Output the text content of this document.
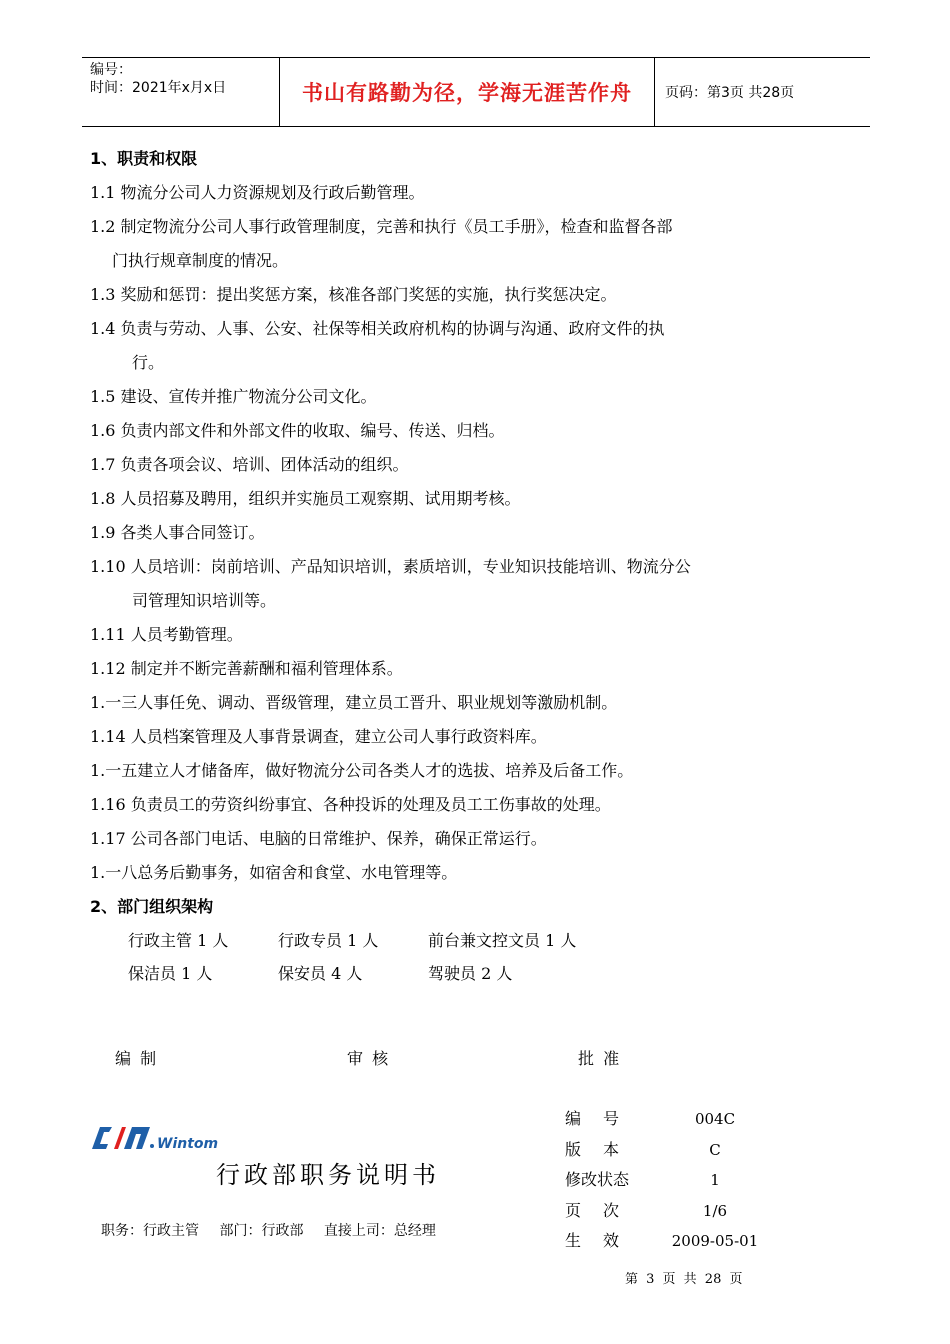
编号：
时间：2021年x月x日	书山有路勤为径，学海无涯苦作舟	页码：第3页 共28页
1、职责和权限
1.1 物流分公司人力资源规划及行政后勤管理。
1.2 制定物流分公司人事行政管理制度，完善和执行《员工手册》，检查和监督各部
门执行规章制度的情况。
1.3 奖励和惩罚：提出奖惩方案，核准各部门奖惩的实施，执行奖惩决定。
1.4 负责与劳动、人事、公安、社保等相关政府机构的协调与沟通、政府文件的执
行。
1.5 建设、宣传并推广物流分公司文化。
1.6 负责内部文件和外部文件的收取、编号、传送、归档。
1.7 负责各项会议、培训、团体活动的组织。
1.8 人员招募及聘用，组织并实施员工观察期、试用期考核。
1.9 各类人事合同签订。
1.10 人员培训：岗前培训、产品知识培训，素质培训，专业知识技能培训、物流分公
司管理知识培训等。
1.11 人员考勤管理。
1.12 制定并不断完善薪酬和福利管理体系。
1.一三人事任免、调动、晋级管理，建立员工晋升、职业规划等激励机制。
1.14 人员档案管理及人事背景调查，建立公司人事行政资料库。
1.一五建立人才储备库，做好物流分公司各类人才的选拔、培养及后备工作。
1.16 负责员工的劳资纠纷事宜、各种投诉的处理及员工工伤事故的处理。
1.17 公司各部门电话、电脑的日常维护、保养，确保正常运行。
1.一八总务后勤事务，如宿舍和食堂、水电管理等。
2、部门组织架构
行政主管 1 人	行政专员 1 人	前台兼文控文员 1 人
保洁员 1 人	保安员 4 人	驾驶员 2 人
编 制	审 核	批 准
Wintom
行政部职务说明书
职务：行政主管 部门：行政部 直接上司：总经理
编　号	004C
版　本	C
修改状态	1
页　次	1/6
生　效	2009-05-01
第 3 页 共 28 页
